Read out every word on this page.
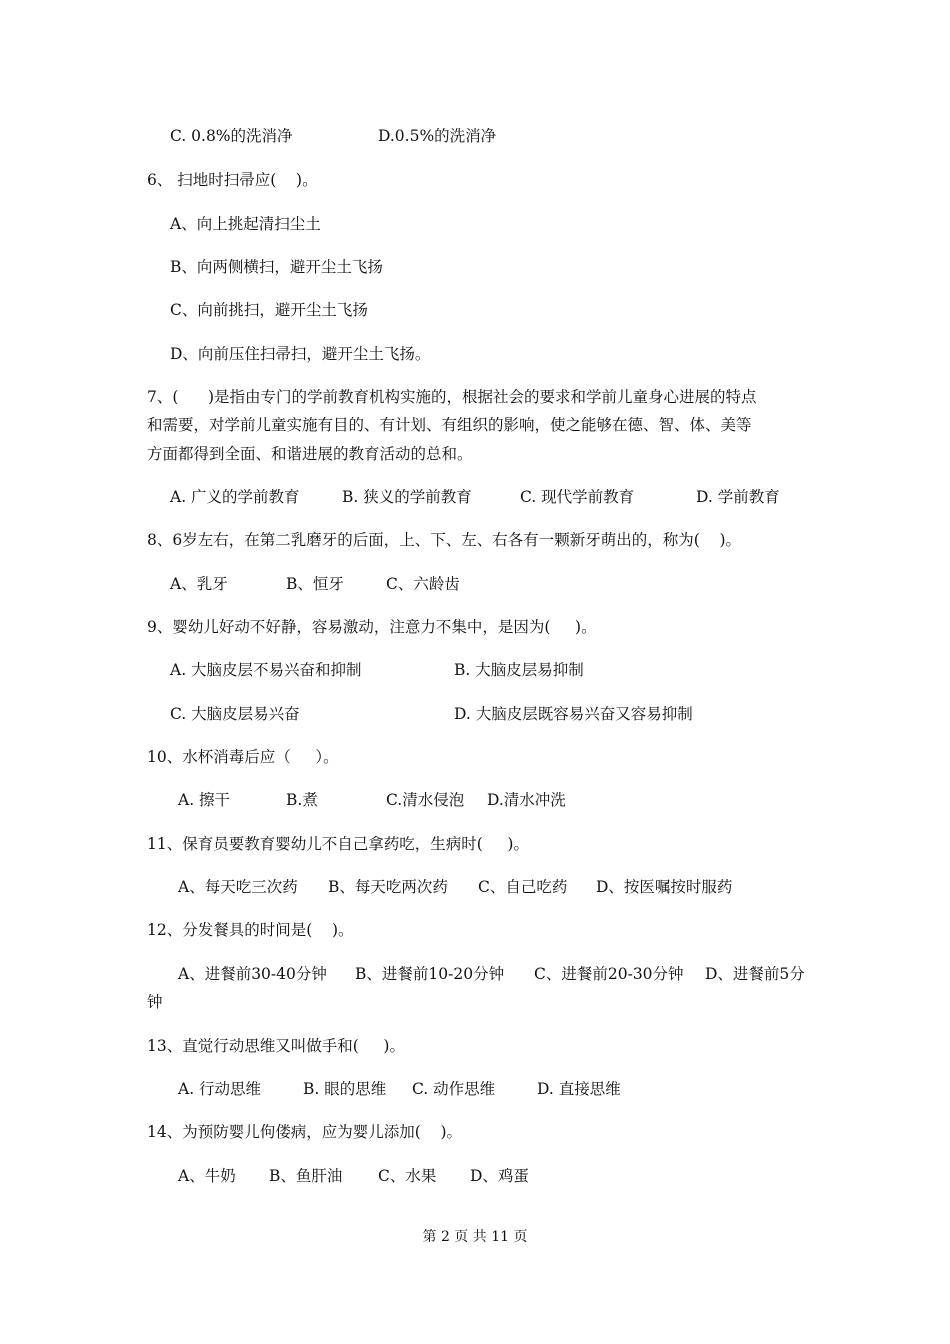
C. 0.8%的洗消净	D.0.5%的洗消净
6、 扫地时扫帚应(    )。
A、向上挑起清扫尘土
B、向两侧横扫，避开尘土飞扬
C、向前挑扫，避开尘土飞扬
D、向前压住扫帚扫，避开尘土飞扬。
7、(      )是指由专门的学前教育机构实施的，根据社会的要求和学前儿童身心进展的特点
和需要，对学前儿童实施有目的、有计划、有组织的影响，使之能够在德、智、体、美等
方面都得到全面、和谐进展的教育活动的总和。
A. 广义的学前教育	B. 狭义的学前教育	C. 现代学前教育	D. 学前教育
8、6岁左右，在第二乳磨牙的后面，上、下、左、右各有一颗新牙萌出的，称为(    )。
A、乳牙	B、恒牙	C、六龄齿
9、婴幼儿好动不好静，容易激动，注意力不集中，是因为(     )。
A. 大脑皮层不易兴奋和抑制	B. 大脑皮层易抑制
C. 大脑皮层易兴奋	D. 大脑皮层既容易兴奋又容易抑制
10、水杯消毒后应（     ）。
A. 擦干	B.煮	C.清水侵泡 D.清水冲洗
11、保育员要教育婴幼儿不自己拿药吃，生病时(     )。
A、每天吃三次药 B、每天吃两次药 C、自己吃药 D、按医嘱按时服药
12、分发餐具的时间是(    )。
A、进餐前30-40分钟 B、进餐前10-20分钟 C、进餐前20-30分钟 D、进餐前5分
钟
13、直觉行动思维又叫做手和(     )。
A. 行动思维	B. 眼的思维 C. 动作思维	D. 直接思维
14、为预防婴儿佝偻病，应为婴儿添加(    )。
A、牛奶 B、鱼肝油 C、水果 D、鸡蛋
第 2 页 共 11 页
